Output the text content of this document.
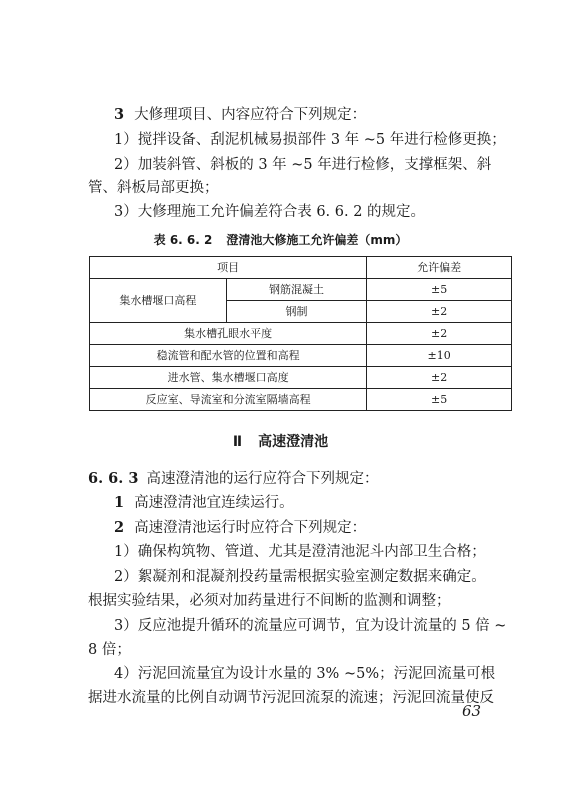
3 大修理项目、内容应符合下列规定：
1）搅拌设备、刮泥机械易损部件 3 年 ~5 年进行检修更换；
2）加装斜管、斜板的 3 年 ~5 年进行检修，支撑框架、斜
管、斜板局部更换；
3）大修理施工允许偏差符合表 6. 6. 2 的规定。
表 6. 6. 2 澄清池大修施工允许偏差（mm）
项目		允许偏差
集水槽堰口高程	钢筋混凝土	±5
	钢制	±2
集水槽孔眼水平度		±2
稳流管和配水管的位置和高程		±10
进水管、集水槽堰口高度		±2
反应室、导流室和分流室隔墙高程		±5
Ⅱ 高速澄清池
6. 6. 3 高速澄清池的运行应符合下列规定：
1 高速澄清池宜连续运行。
2 高速澄清池运行时应符合下列规定：
1）确保构筑物、管道、尤其是澄清池泥斗内部卫生合格；
2）絮凝剂和混凝剂投药量需根据实验室测定数据来确定。
根据实验结果，必须对加药量进行不间断的监测和调整；
3）反应池提升循环的流量应可调节，宜为设计流量的 5 倍 ~
8 倍；
4）污泥回流量宜为设计水量的 3% ~5%；污泥回流量可根
据进水流量的比例自动调节污泥回流泵的流速；污泥回流量使反
63
